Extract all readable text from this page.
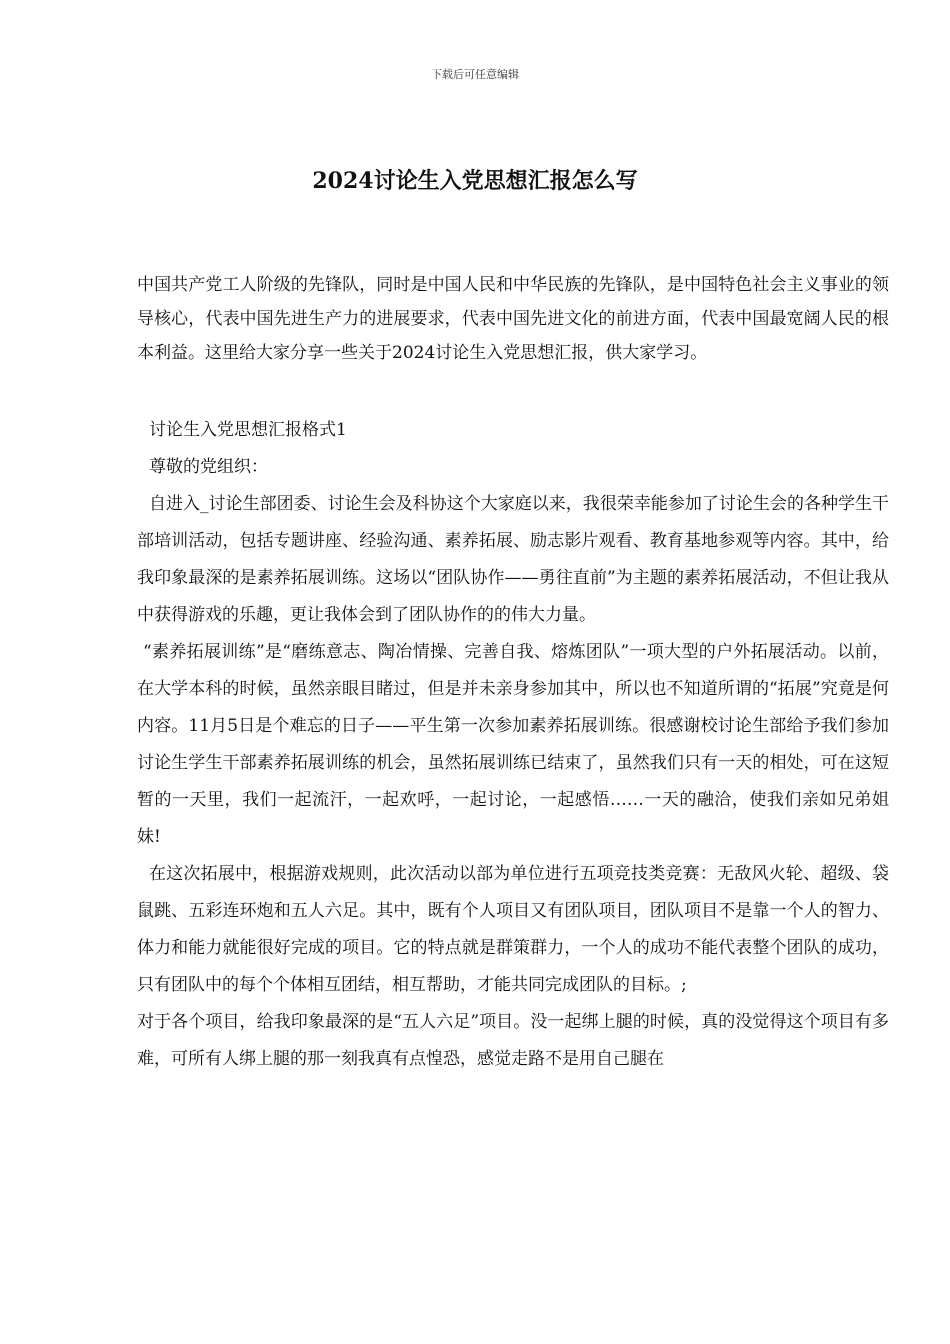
下载后可任意编辑
2024讨论生入党思想汇报怎么写

中国共产党工人阶级的先锋队，同时是中国人民和中华民族的先锋队，是中国特色社会主义事业的领导核心，代表中国先进生产力的进展要求，代表中国先进文化的前进方面，代表中国最宽阔人民的根本利益。这里给大家分享一些关于2024讨论生入党思想汇报，供大家学习。

讨论生入党思想汇报格式1

尊敬的党组织：

自进入_讨论生部团委、讨论生会及科协这个大家庭以来，我很荣幸能参加了讨论生会的各种学生干部培训活动，包括专题讲座、经验沟通、素养拓展、励志影片观看、教育基地参观等内容。其中，给我印象最深的是素养拓展训练。这场以“团队协作——勇往直前”为主题的素养拓展活动，不但让我从中获得游戏的乐趣，更让我体会到了团队协作的的伟大力量。

“素养拓展训练”是“磨练意志、陶冶情操、完善自我、熔炼团队”一项大型的户外拓展活动。以前，在大学本科的时候，虽然亲眼目睹过，但是并未亲身参加其中，所以也不知道所谓的“拓展”究竟是何内容。11月5日是个难忘的日子——平生第一次参加素养拓展训练。很感谢校讨论生部给予我们参加讨论生学生干部素养拓展训练的机会，虽然拓展训练已结束了，虽然我们只有一天的相处，可在这短暂的一天里，我们一起流汗，一起欢呼，一起讨论，一起感悟……一天的融洽，使我们亲如兄弟姐妹!

在这次拓展中，根据游戏规则，此次活动以部为单位进行五项竞技类竞赛：无敌风火轮、超级、袋鼠跳、五彩连环炮和五人六足。其中，既有个人项目又有团队项目，团队项目不是靠一个人的智力、体力和能力就能很好完成的项目。它的特点就是群策群力，一个人的成功不能代表整个团队的成功，只有团队中的每个个体相互团结，相互帮助，才能共同完成团队的目标。;

对于各个项目，给我印象最深的是“五人六足”项目。没一起绑上腿的时候，真的没觉得这个项目有多难，可所有人绑上腿的那一刻我真有点惶恐，感觉走路不是用自己腿在
